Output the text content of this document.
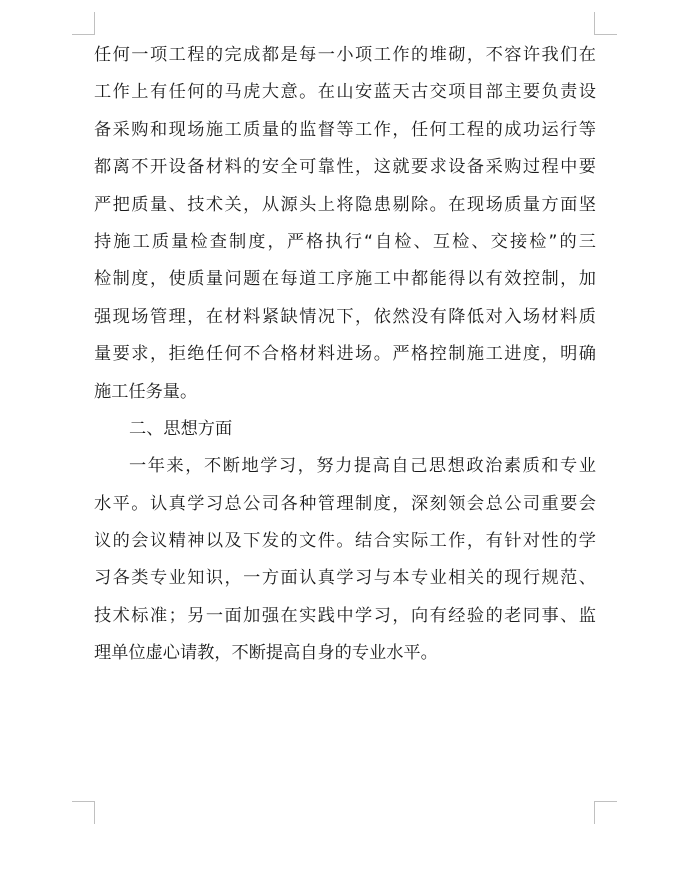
任何一项工程的完成都是每一小项工作的堆砌，不容许我们在
工作上有任何的马虎大意。在山安蓝天古交项目部主要负责设
备采购和现场施工质量的监督等工作，任何工程的成功运行等
都离不开设备材料的安全可靠性，这就要求设备采购过程中要
严把质量、技术关，从源头上将隐患剔除。在现场质量方面坚
持施工质量检查制度，严格执行“自检、互检、交接检”的三
检制度，使质量问题在每道工序施工中都能得以有效控制，加
强现场管理，在材料紧缺情况下，依然没有降低对入场材料质
量要求，拒绝任何不合格材料进场。严格控制施工进度，明确
施工任务量。
二、思想方面
一年来，不断地学习，努力提高自己思想政治素质和专业
水平。认真学习总公司各种管理制度，深刻领会总公司重要会
议的会议精神以及下发的文件。结合实际工作，有针对性的学
习各类专业知识，一方面认真学习与本专业相关的现行规范、
技术标准；另一面加强在实践中学习，向有经验的老同事、监
理单位虚心请教，不断提高自身的专业水平。
